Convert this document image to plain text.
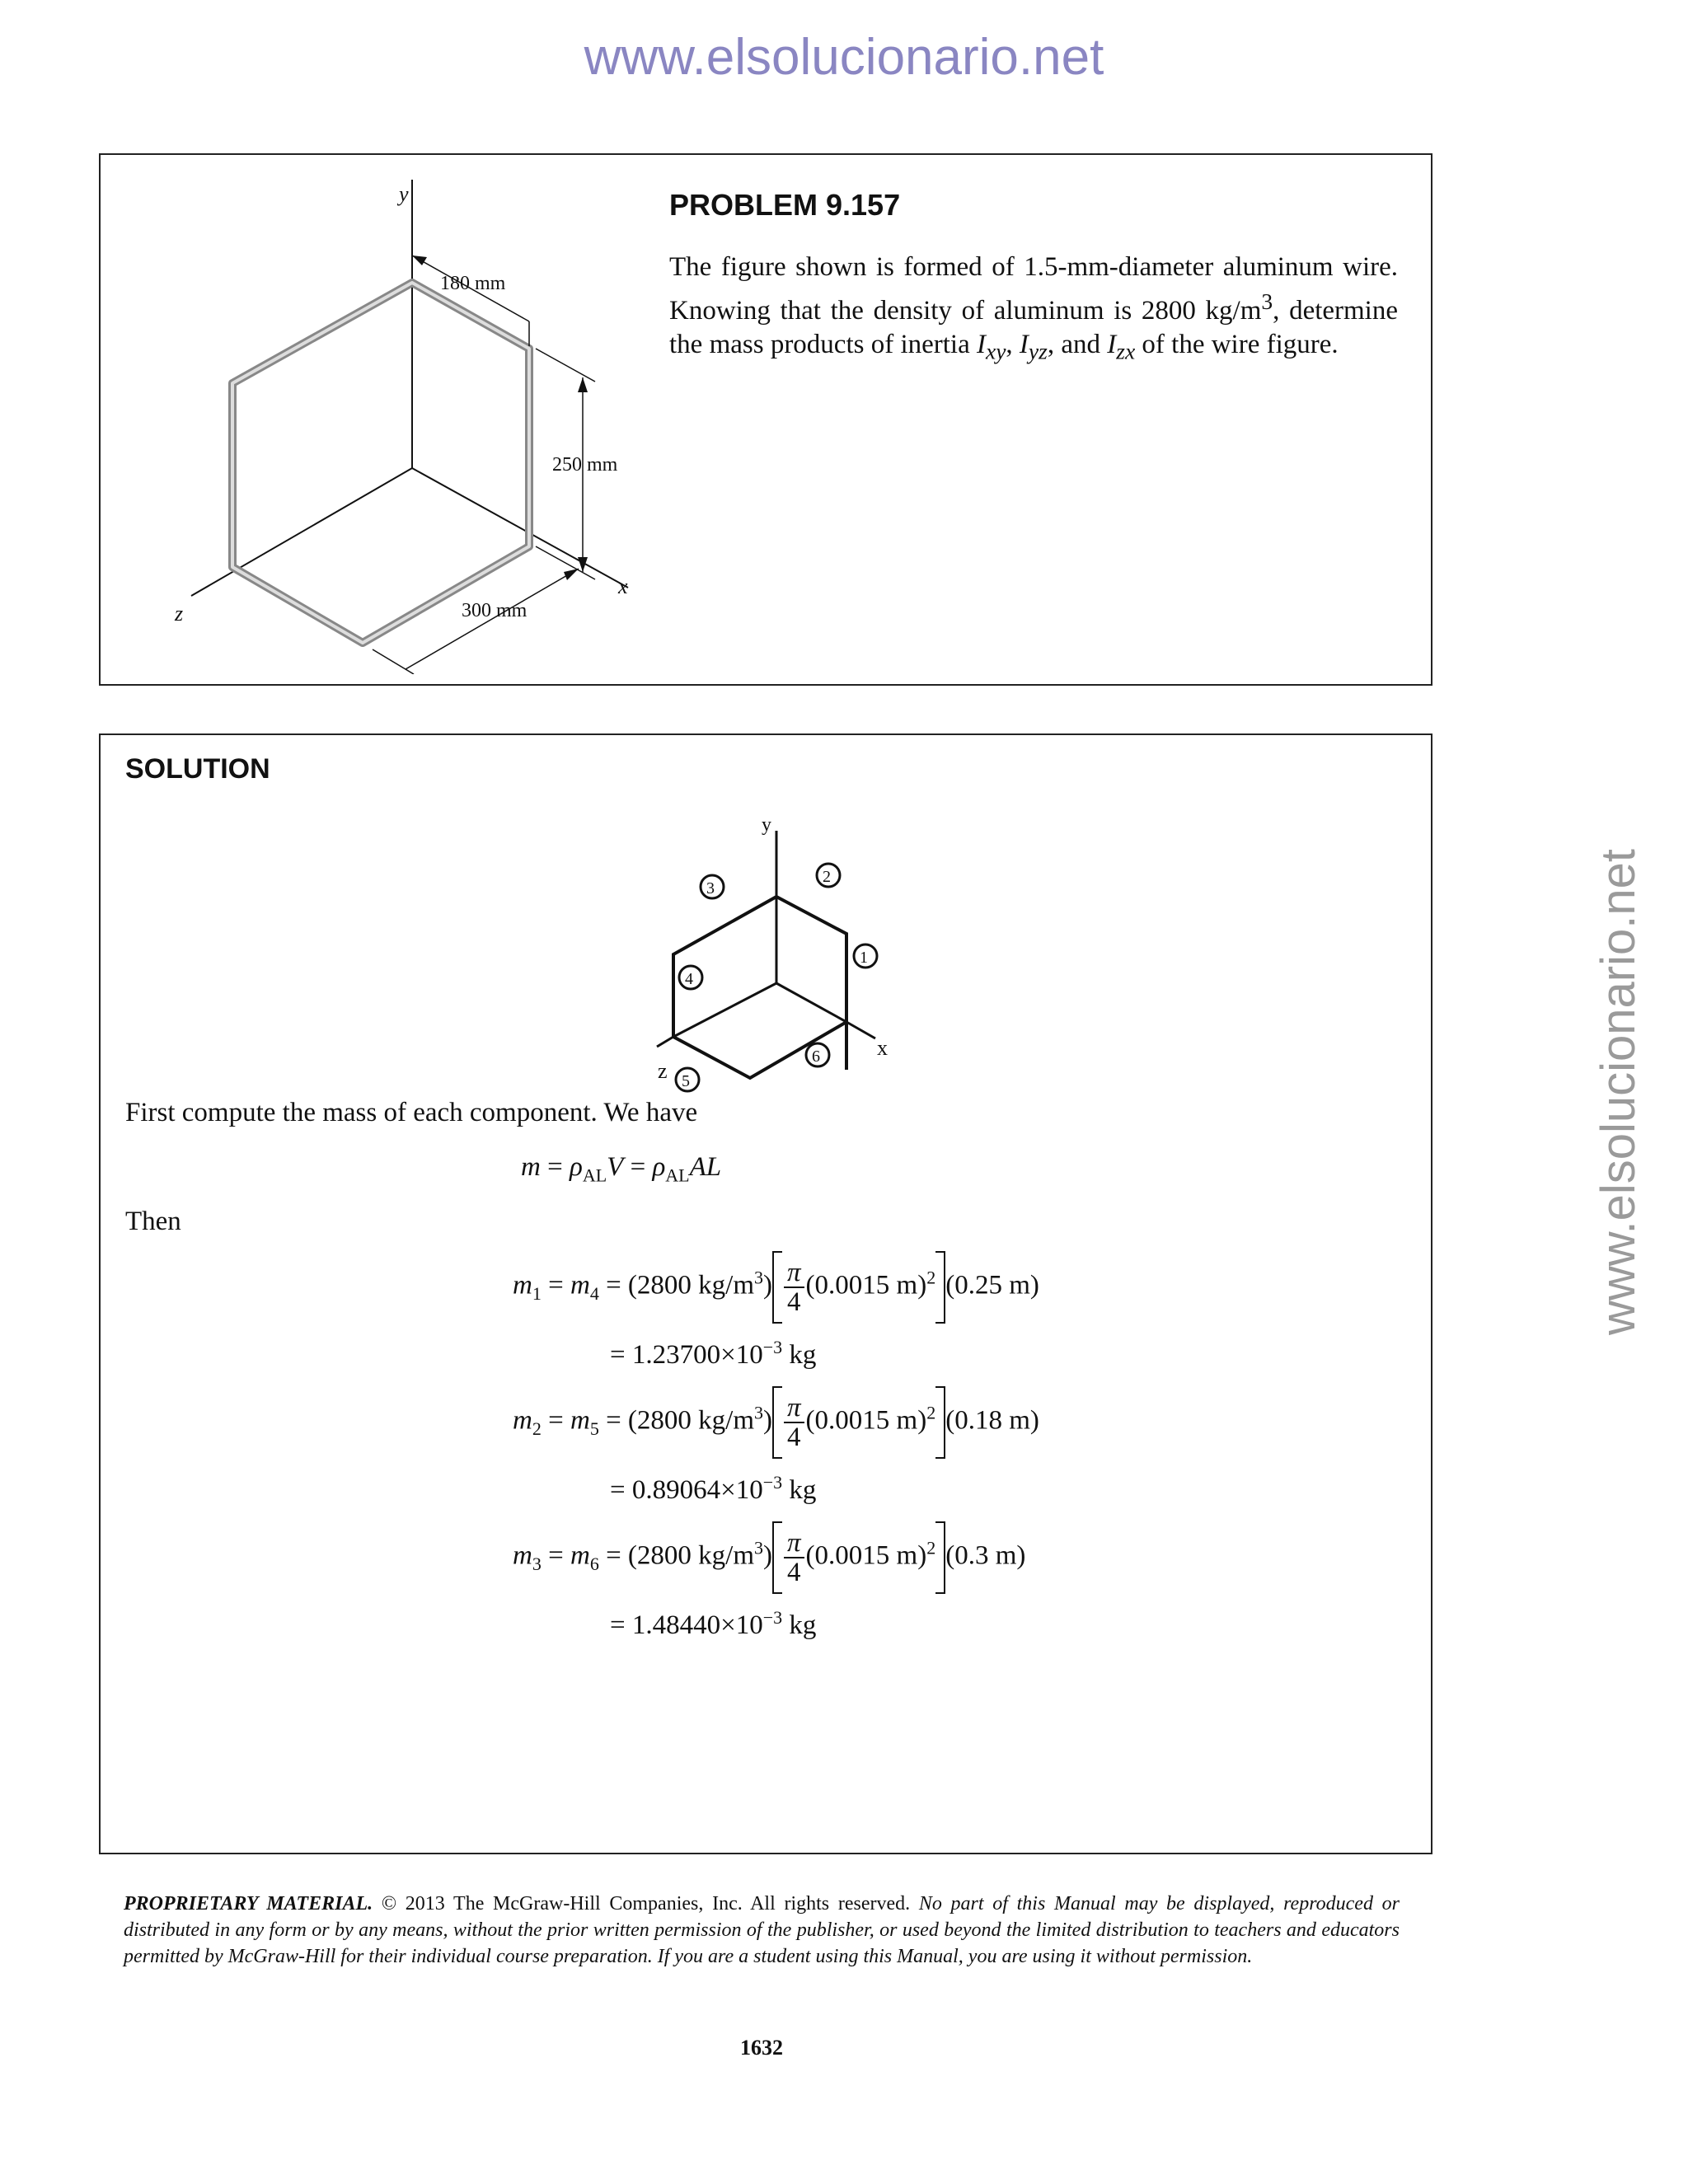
www.elsolucionario.net
www.elsolucionario.net
y
x
z
180 mm
250 mm
300 mm
PROBLEM 9.157
The figure shown is formed of 1.5-mm-diameter aluminum wire. Knowing that the density of aluminum is 2800 $kg/m^3$, determine the mass products of inertia $I_{xy}$, $I_{yz}$, and $I_{zx}$ of the wire figure.
SOLUTION
y
x
z
1
2
3
4
5
6
First compute the mass of each component. We have
$m = \rho_{AL}V = \rho_{AL}AL$
Then
$m_1 = m_4 = (2800$ $kg/m^3) \frac{\pi}{4} (0.0015$ m)$^2$ (0.25 m)
= $1.23700\times 10^{-3}$ kg
$m_2 = m_5 = (2800$ $kg/m^3) \frac{\pi}{4} (0.0015$ m)$^2$ (0.18 m)
= $0.89064\times 10^{-3}$ kg
$m_3 = m_6 = (2800$ $kg/m^3) \frac{\pi}{4} (0.0015$ m)$^2$ (0.3 m)
= $1.48440\times 10^{-3}$ kg
PROPRIETARY MATERIAL. © 2013 The McGraw-Hill Companies, Inc. All rights reserved. No part of this Manual may be displayed, reproduced or distributed in any form or by any means, without the prior written permission of the publisher, or used beyond the limited distribution to teachers and educators permitted by McGraw-Hill for their individual course preparation. If you are a student using this Manual, you are using it without permission.
1632
